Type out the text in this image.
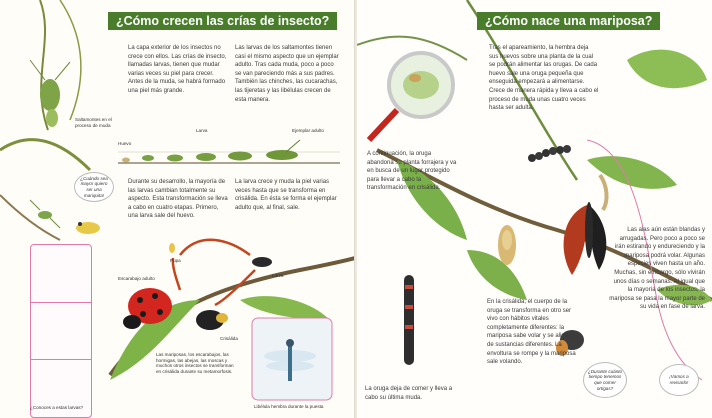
¿Cómo crecen las crías de insecto?
La capa exterior de los insectos no crece con ellos. Las crías de insecto, llamadas larvas, tienen que mudar varias veces su piel para crecer. Antes de la muda, se habrá formado una piel más grande.
Las larvas de los saltamontes tienen casi el mismo aspecto que un ejemplar adulto. Tras cada muda, poco a poco se van pareciendo más a sus padres. También las chinches, las cucarachas, las tijeretas y las libélulas crecen de esta manera.
Saltamontes en el proceso de muda
Larva
Huevo
Ejemplar adulto
Durante su desarrollo, la mayoría de las larvas cambian totalmente su aspecto. Esta transformación se lleva a cabo en cuatro etapas. Primero, una larva sale del huevo.
La larva crece y muda la piel varias veces hasta que se transforma en crisálida. En ésta se forma el ejemplar adulto que, al final, sale.
¿Cuándo sea mayor quiero ser una mariquita!
¿Conoces a estas larvas?
Pupa
Escarabajo adulto
Larva
Crisálida
Las mariposas, los escarabajos, las hormigas, las abejas, las moscas y muchos otros insectos se transforman en crisálida durante su metamorfosis.
Libélula hembra durante la puesta
¿Cómo nace una mariposa?
Tras el apareamiento, la hembra deja sus huevos sobre una planta de la cual se podrán alimentar las orugas. De cada huevo sale una oruga pequeña que enseguida empezará a alimentarse. Crece de manera rápida y lleva a cabo el proceso de muda unas cuatro veces hasta ser adulta.
A continuación, la oruga abandona su planta forrajera y va en busca de un lugar protegido para llevar a cabo la transformación en crisálida.
En la crisálida, el cuerpo de la oruga se transforma en otro ser vivo con hábitos vitales completamente diferentes: la mariposa sabe volar y se alimenta de sustancias diferentes. La envoltura se rompe y la mariposa sale volando.
La oruga deja de comer y lleva a cabo su última muda.
Las alas aún están blandas y arrugadas. Pero poco a poco se irán estirando y endureciendo y la mariposa podrá volar. Algunas especies viven hasta un año. Muchas, sin embargo, sólo vivirán unos días o semanas. Al igual que la mayoría de los insectos, la mariposa se pasa la mayor parte de su vida en fase de larva.
¿Durante cuánto tiempo tenemos que comer ortigas?
¡Vamos a revisarlo!
